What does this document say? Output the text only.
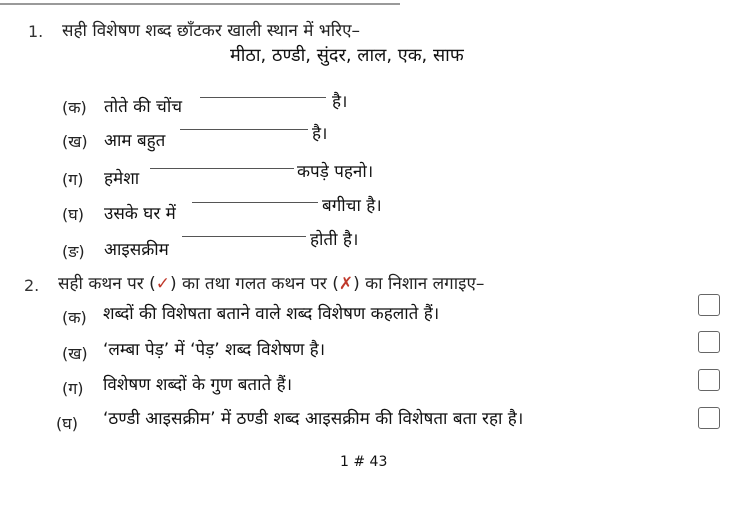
1. सही विशेषण शब्द छाँटकर खाली स्थान में भरिए–
मीठा, ठण्डी, सुंदर, लाल, एक, साफ
(क) तोते की चोंच	है।
(ख) आम बहुत	है।
(ग) हमेशा	कपड़े पहनो।
(घ) उसके घर में	बगीचा है।
(ङ) आइसक्रीम	होती है।
2. सही कथन पर (✓) का तथा गलत कथन पर (✗) का निशान लगाइए–
(क) शब्दों की विशेषता बताने वाले शब्द विशेषण कहलाते हैं।
(ख) ‘लम्बा पेड़’ में ‘पेड़’ शब्द विशेषण है।
(ग) विशेषण शब्दों के गुण बताते हैं।
(घ) ‘ठण्डी आइसक्रीम’ में ठण्डी शब्द आइसक्रीम की विशेषता बता रहा है।
1 # 43
